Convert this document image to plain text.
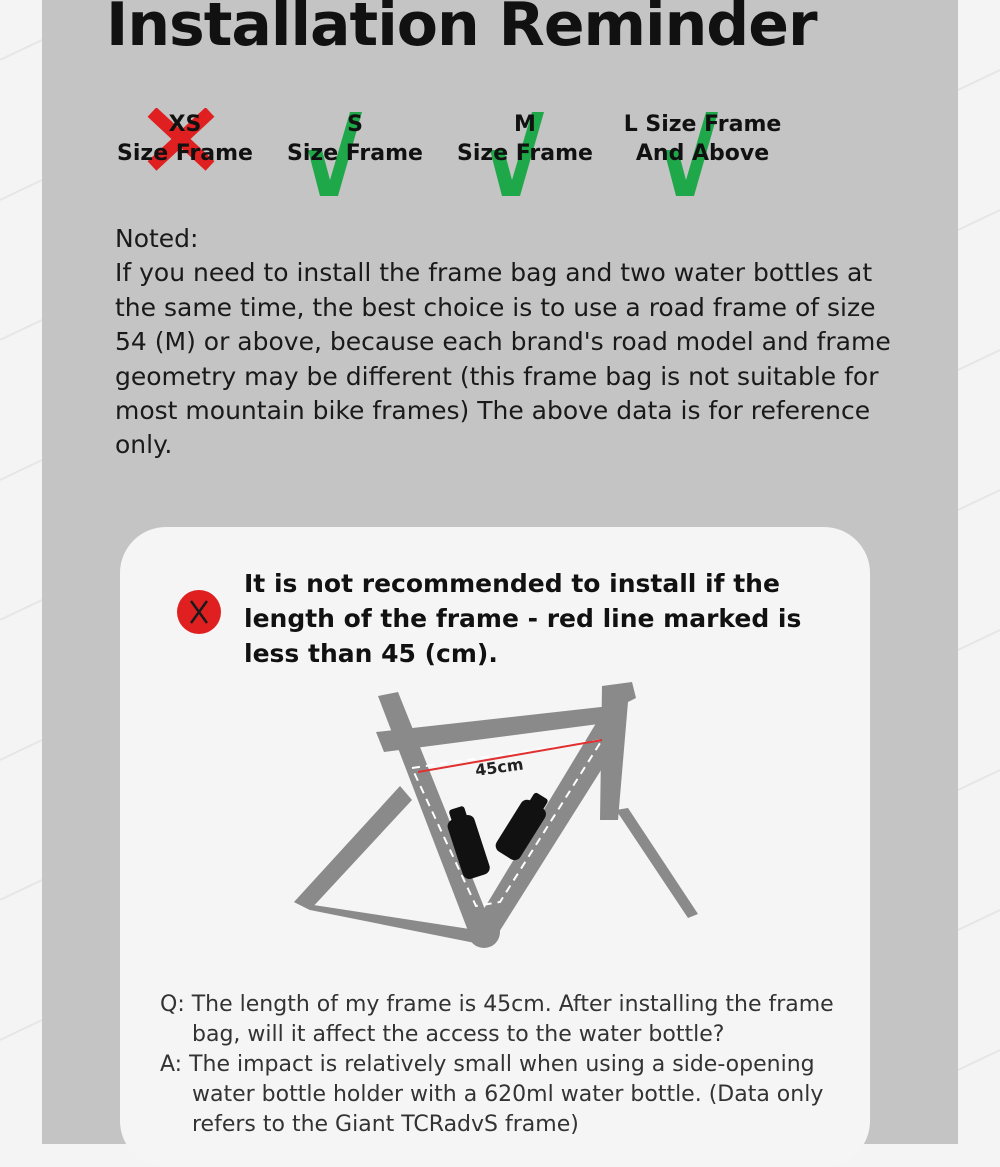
Installation Reminder
XS
Size Frame
S
Size Frame
M
Size Frame
L Size Frame
And Above

Noted:

If you need to install the frame bag and two water bottles at the same time, the best choice is to use a road frame of size 54 (M) or above, because each brand's road model and frame geometry may be different (this frame bag is not suitable for most mountain bike frames) The above data is for reference only.

It is not recommended to install if the length of the frame - red line marked is less than 45 (cm).
45cm
Q: The length of my frame is 45cm. After installing the frame bag, will it affect the access to the water bottle?
A: The impact is relatively small when using a side-opening water bottle holder with a 620ml water bottle. (Data only refers to the Giant TCRadvS frame)
